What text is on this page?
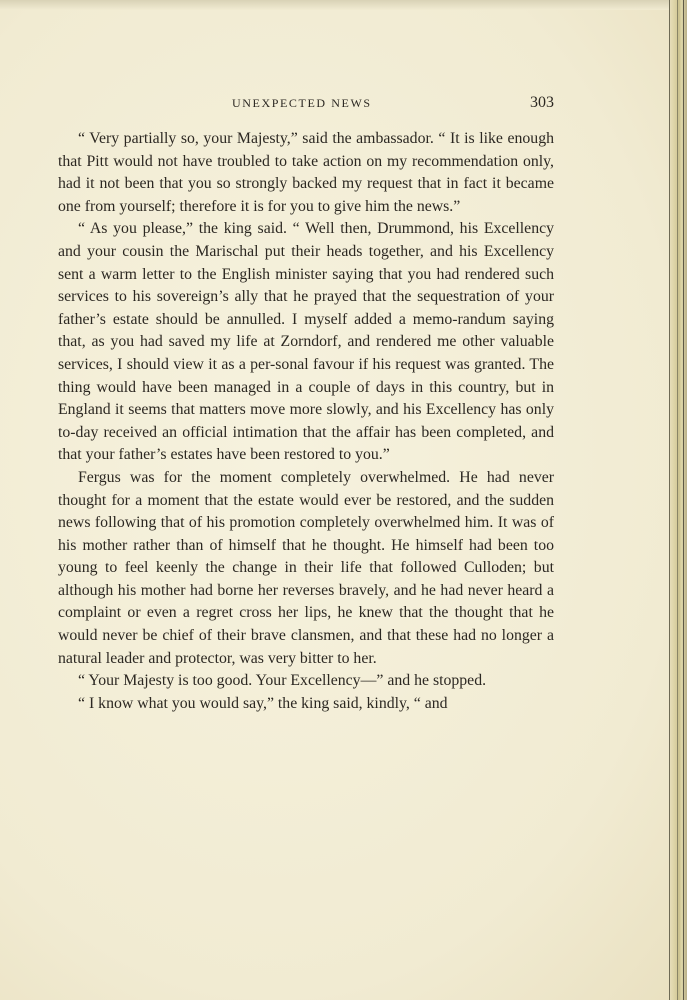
UNEXPECTED NEWS	303

“ Very partially so, your Majesty,” said the ambassador. “ It is like enough that Pitt would not have troubled to take action on my recommendation only, had it not been that you so strongly backed my request that in fact it became one from yourself; therefore it is for you to give him the news.”

“ As you please,” the king said. “ Well then, Drummond, his Excellency and your cousin the Marischal put their heads together, and his Excellency sent a warm letter to the English minister saying that you had rendered such services to his sovereign’s ally that he prayed that the sequestration of your father’s estate should be annulled. I myself added a memo-randum saying that, as you had saved my life at Zorndorf, and rendered me other valuable services, I should view it as a per-sonal favour if his request was granted. The thing would have been managed in a couple of days in this country, but in England it seems that matters move more slowly, and his Excellency has only to-day received an official intimation that the affair has been completed, and that your father’s estates have been restored to you.”

Fergus was for the moment completely overwhelmed. He had never thought for a moment that the estate would ever be restored, and the sudden news following that of his promotion completely overwhelmed him. It was of his mother rather than of himself that he thought. He himself had been too young to feel keenly the change in their life that followed Culloden; but although his mother had borne her reverses bravely, and he had never heard a complaint or even a regret cross her lips, he knew that the thought that he would never be chief of their brave clansmen, and that these had no longer a natural leader and protector, was very bitter to her.

“ Your Majesty is too good. Your Excellency—” and he stopped.

“ I know what you would say,” the king said, kindly, “ and
